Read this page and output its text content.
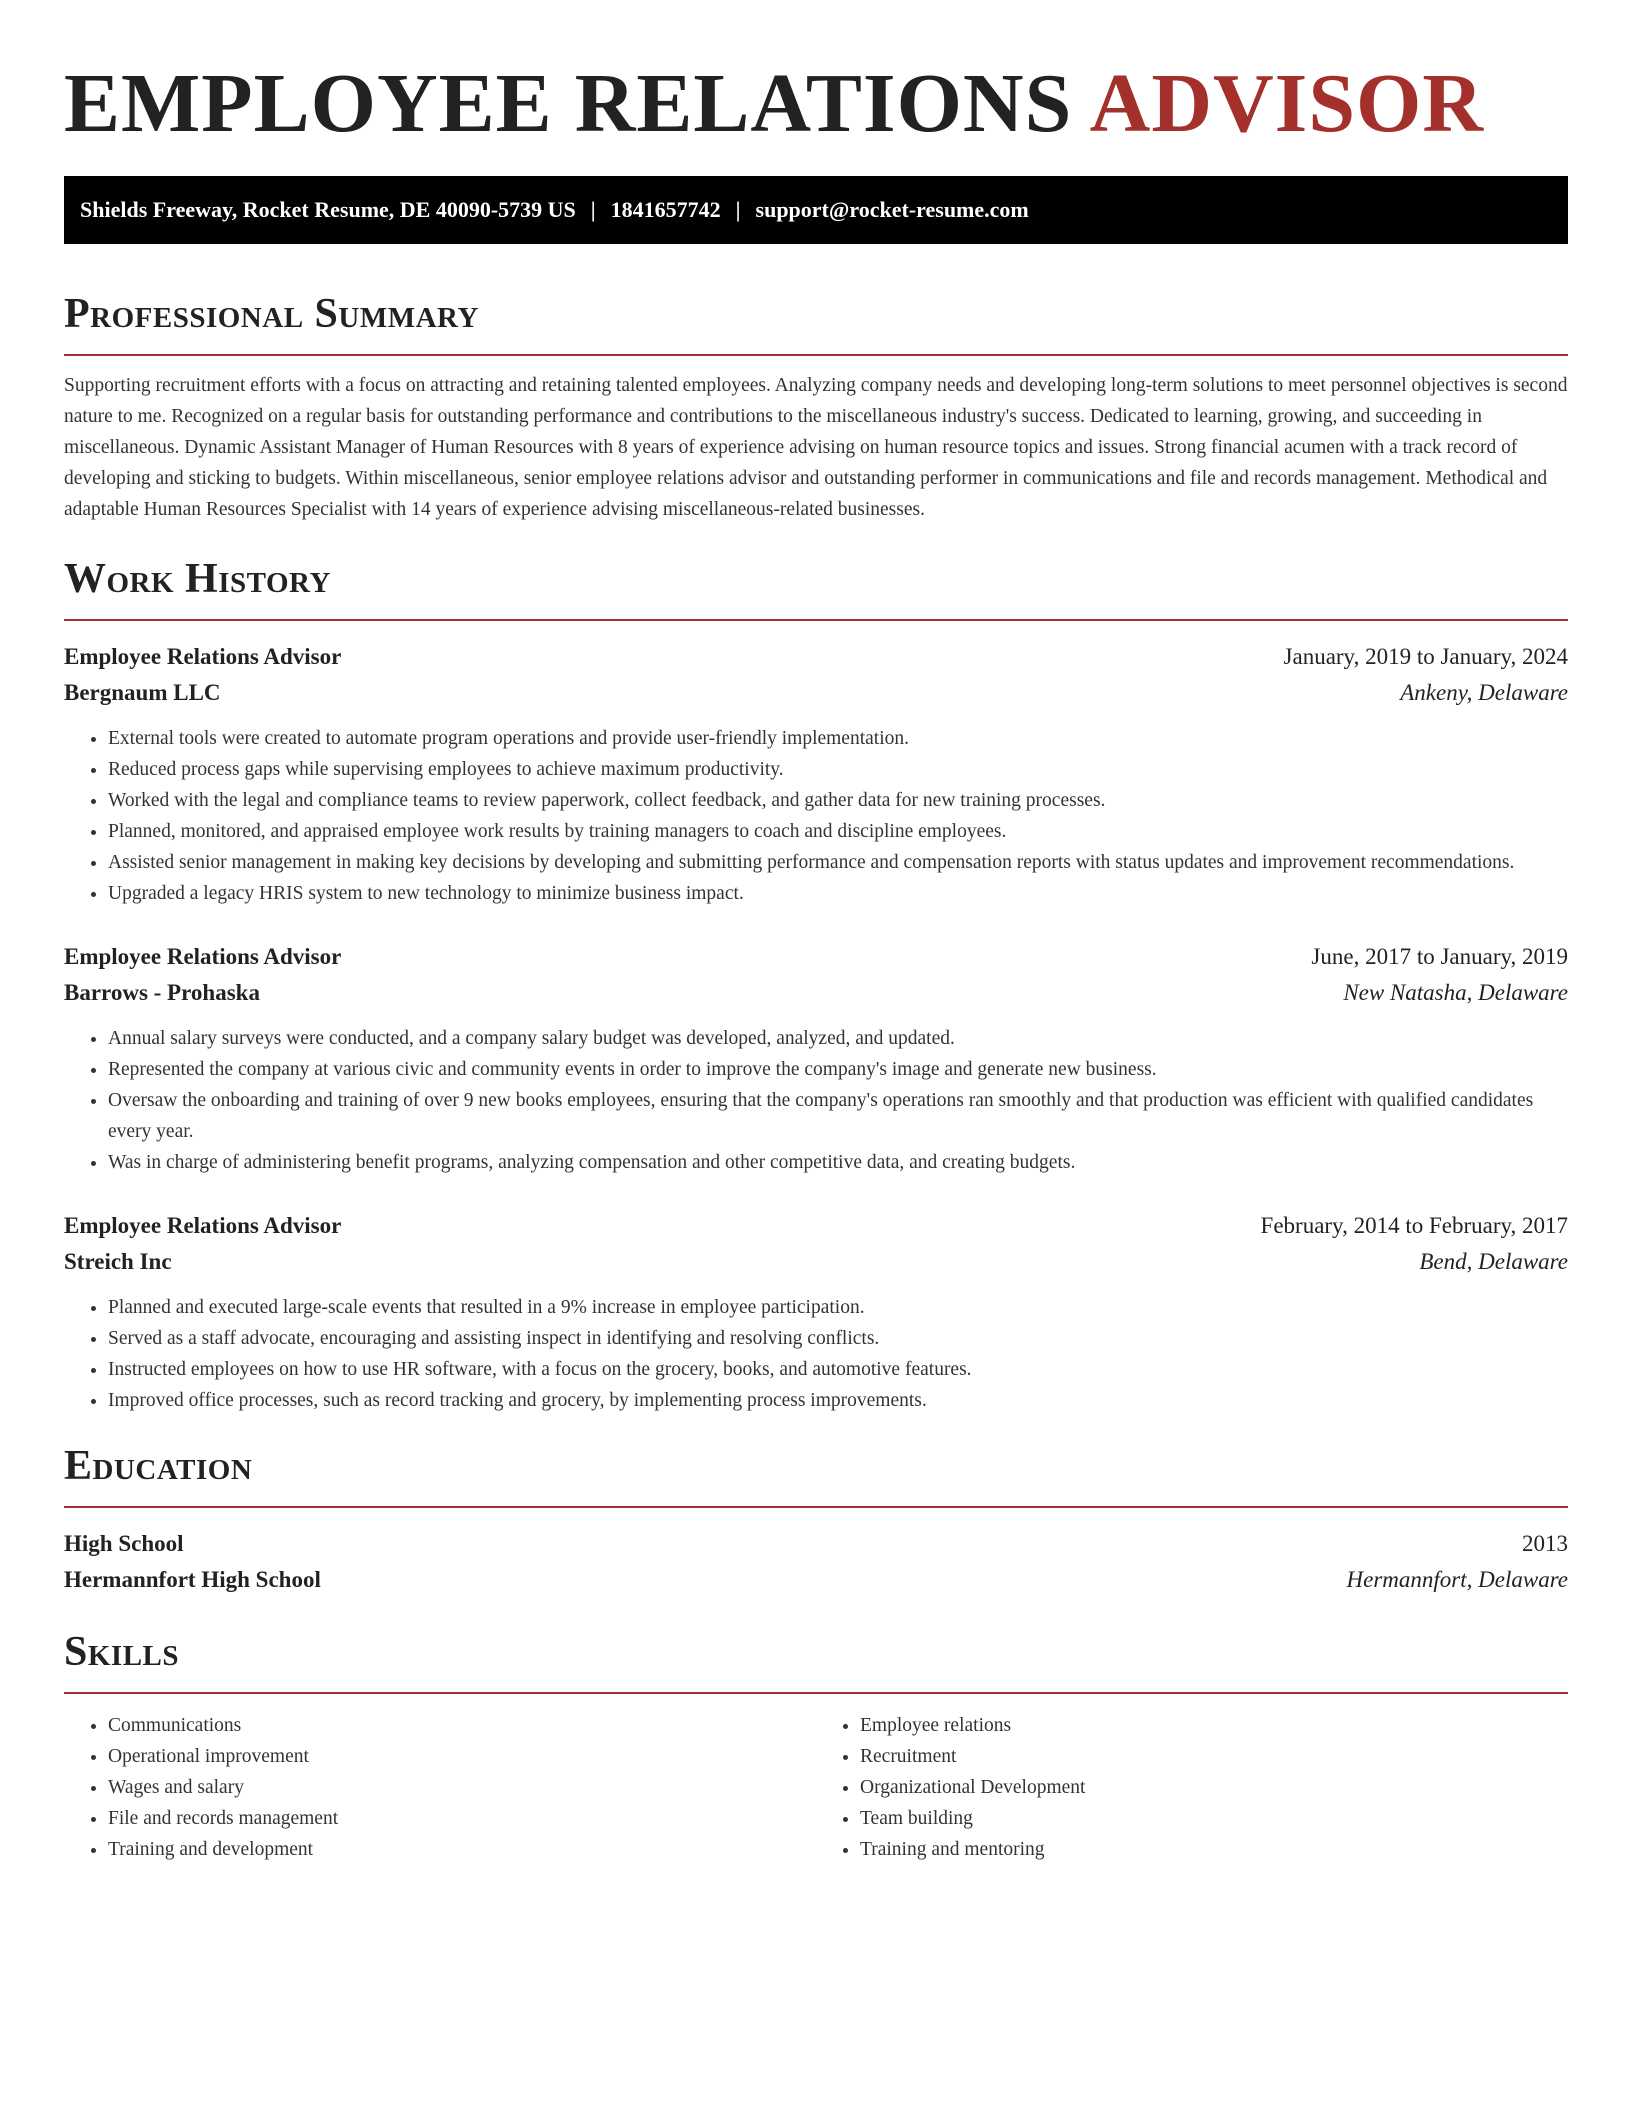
EMPLOYEE RELATIONS ADVISOR
Shields Freeway, Rocket Resume, DE 40090-5739 US | 1841657742 | support@rocket-resume.com
Professional Summary

Supporting recruitment efforts with a focus on attracting and retaining talented employees. Analyzing company needs and developing long-term solutions to meet personnel objectives is second nature to me. Recognized on a regular basis for outstanding performance and contributions to the miscellaneous industry's success. Dedicated to learning, growing, and succeeding in miscellaneous. Dynamic Assistant Manager of Human Resources with 8 years of experience advising on human resource topics and issues. Strong financial acumen with a track record of developing and sticking to budgets. Within miscellaneous, senior employee relations advisor and outstanding performer in communications and file and records management. Methodical and adaptable Human Resources Specialist with 14 years of experience advising miscellaneous-related businesses.

Work History
Employee Relations Advisor	January, 2019 to January, 2024
Bergnaum LLC	Ankeny, Delaware
• External tools were created to automate program operations and provide user-friendly implementation.
• Reduced process gaps while supervising employees to achieve maximum productivity.
• Worked with the legal and compliance teams to review paperwork, collect feedback, and gather data for new training processes.
• Planned, monitored, and appraised employee work results by training managers to coach and discipline employees.
• Assisted senior management in making key decisions by developing and submitting performance and compensation reports with status updates and improvement recommendations.
• Upgraded a legacy HRIS system to new technology to minimize business impact.
Employee Relations Advisor	June, 2017 to January, 2019
Barrows - Prohaska	New Natasha, Delaware
• Annual salary surveys were conducted, and a company salary budget was developed, analyzed, and updated.
• Represented the company at various civic and community events in order to improve the company's image and generate new business.
• Oversaw the onboarding and training of over 9 new books employees, ensuring that the company's operations ran smoothly and that production was efficient with qualified candidates every year.
• Was in charge of administering benefit programs, analyzing compensation and other competitive data, and creating budgets.
Employee Relations Advisor	February, 2014 to February, 2017
Streich Inc	Bend, Delaware
• Planned and executed large-scale events that resulted in a 9% increase in employee participation.
• Served as a staff advocate, encouraging and assisting inspect in identifying and resolving conflicts.
• Instructed employees on how to use HR software, with a focus on the grocery, books, and automotive features.
• Improved office processes, such as record tracking and grocery, by implementing process improvements.
Education
High School	2013
Hermannfort High School	Hermannfort, Delaware
Skills
• Communications
• Operational improvement
• Wages and salary
• File and records management
• Training and development
• Employee relations
• Recruitment
• Organizational Development
• Team building
• Training and mentoring
